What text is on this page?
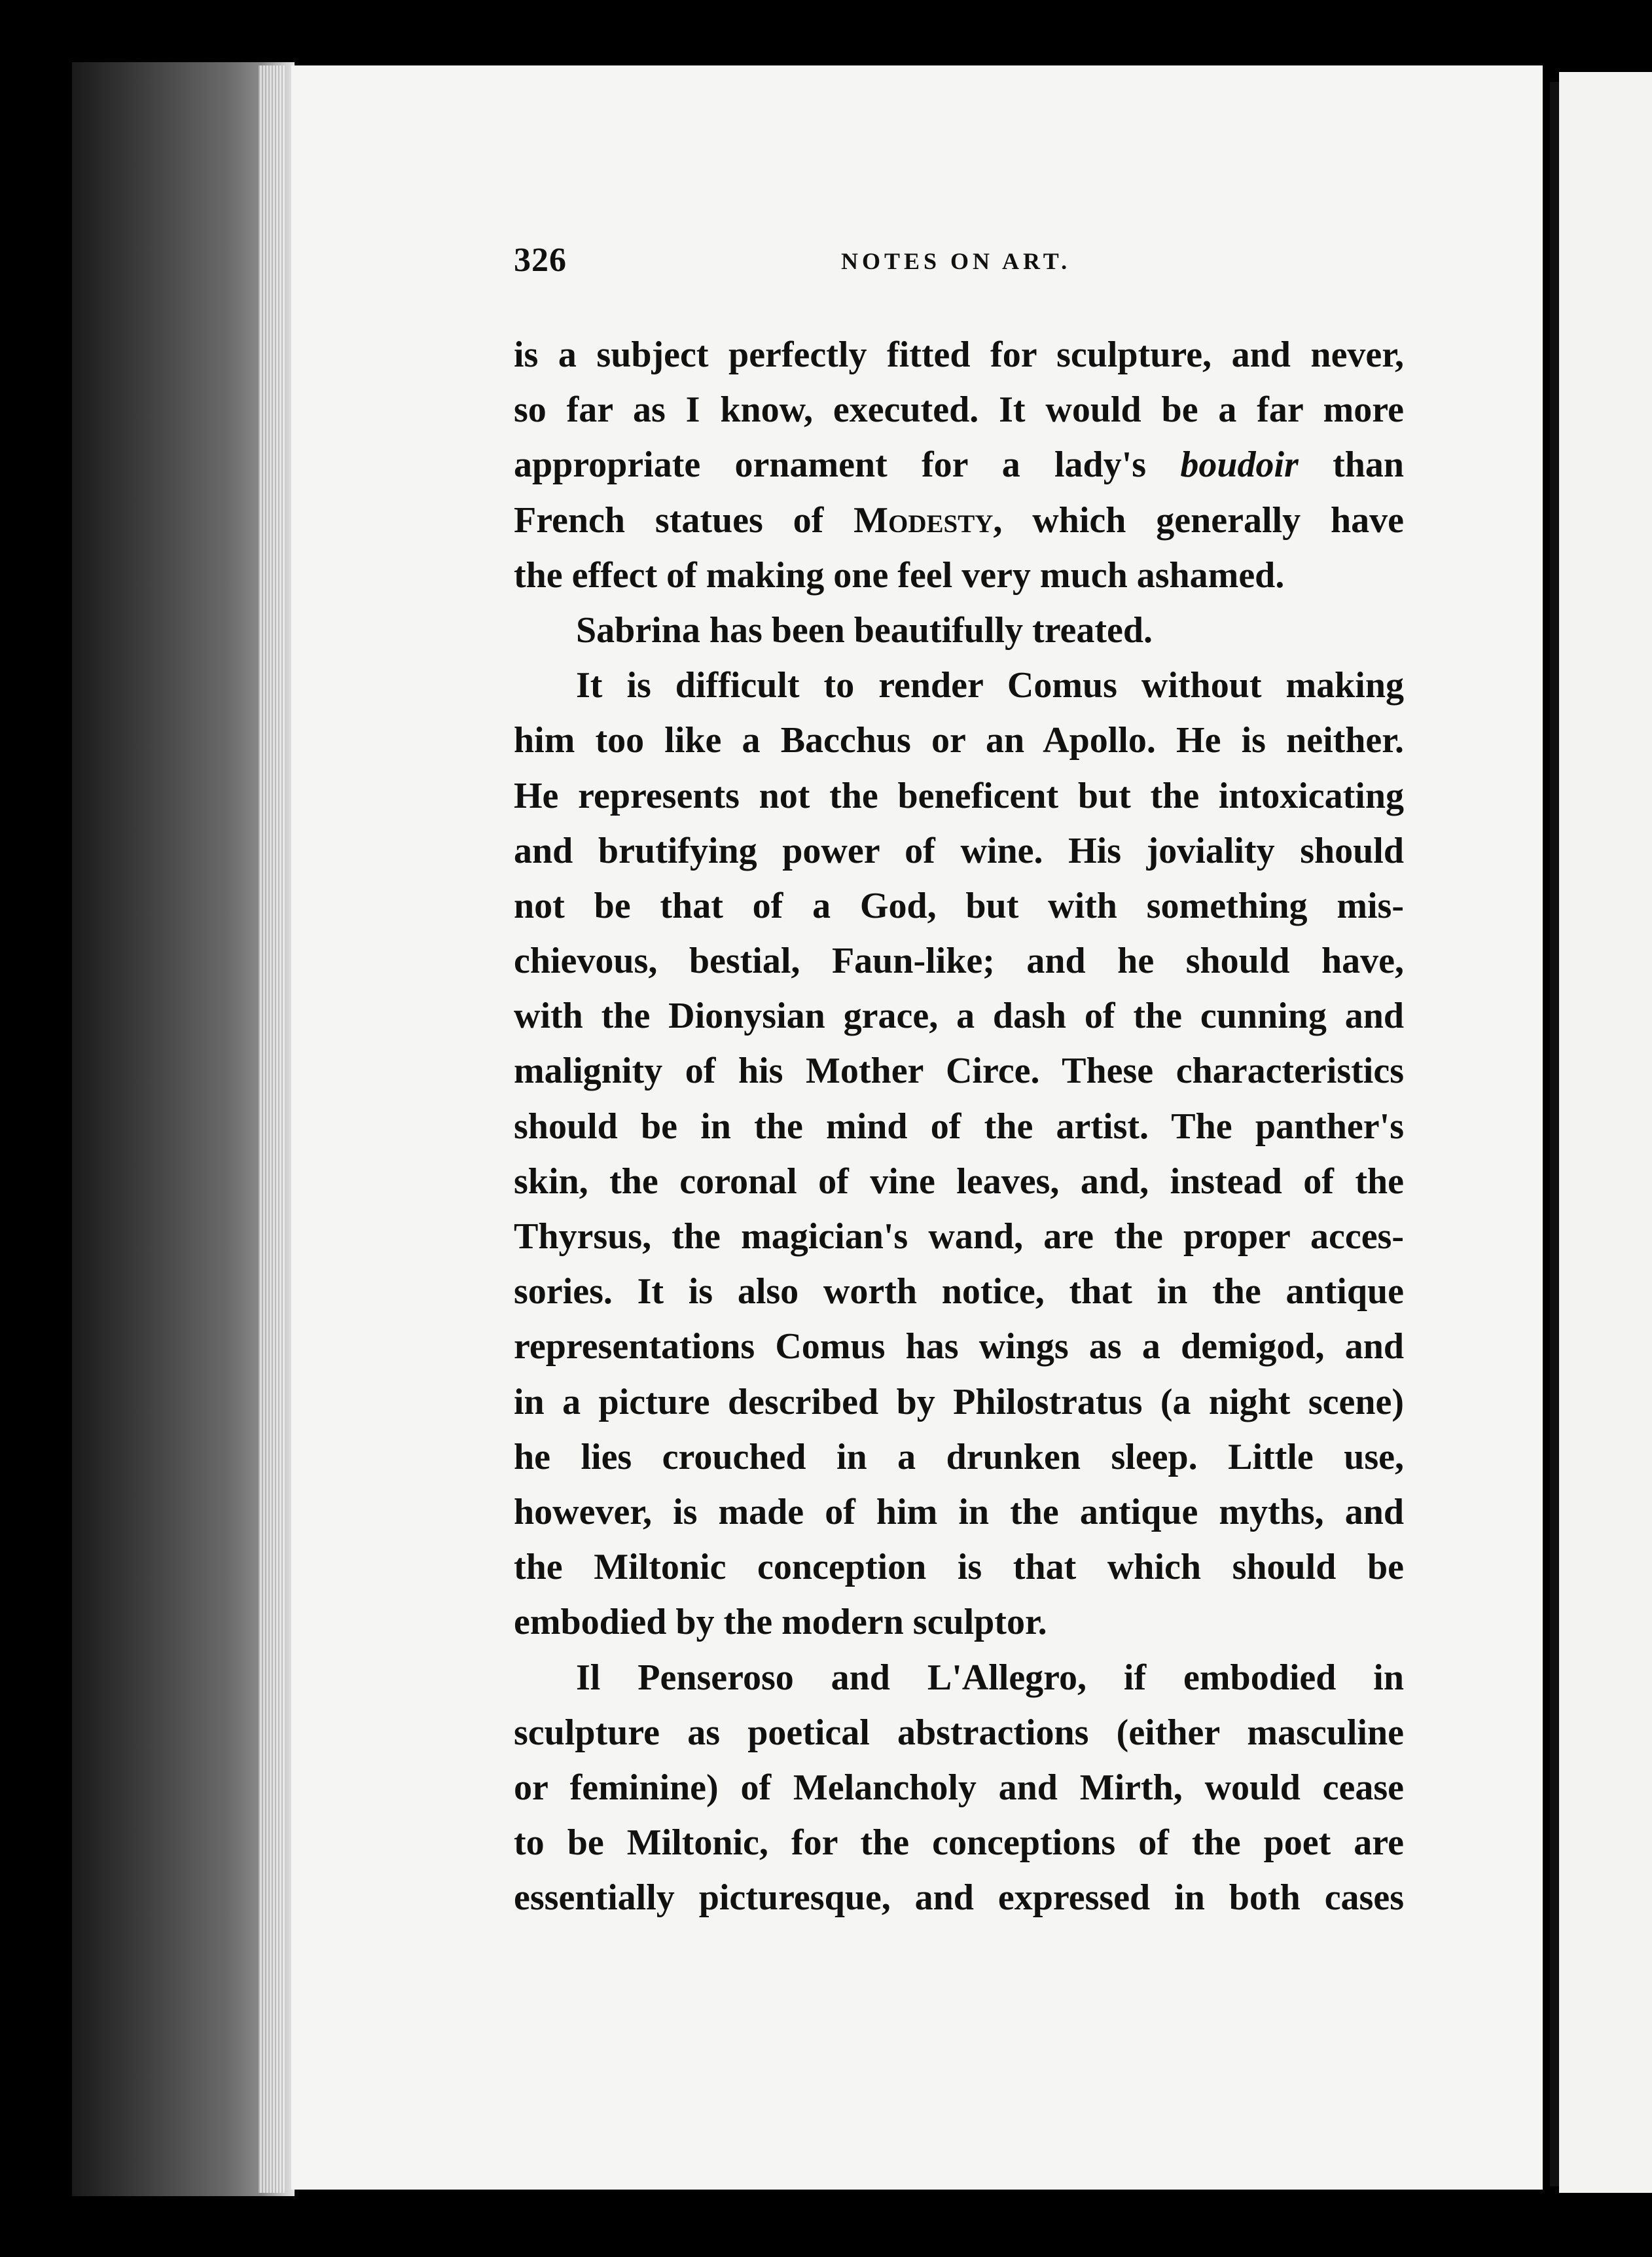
326	NOTES ON ART.
is a subject perfectly fitted for sculpture, and never,
so far as I know, executed. It would be a far more
appropriate ornament for a lady's boudoir than
French statues of Modesty, which generally have
the effect of making one feel very much ashamed.
Sabrina has been beautifully treated.
It is difficult to render Comus without making
him too like a Bacchus or an Apollo. He is neither.
He represents not the beneficent but the intoxicating
and brutifying power of wine. His joviality should
not be that of a God, but with something mis-
chievous, bestial, Faun-like; and he should have,
with the Dionysian grace, a dash of the cunning and
malignity of his Mother Circe. These characteristics
should be in the mind of the artist. The panther's
skin, the coronal of vine leaves, and, instead of the
Thyrsus, the magician's wand, are the proper acces-
sories. It is also worth notice, that in the antique
representations Comus has wings as a demigod, and
in a picture described by Philostratus (a night scene)
he lies crouched in a drunken sleep. Little use,
however, is made of him in the antique myths, and
the Miltonic conception is that which should be
embodied by the modern sculptor.
Il Penseroso and L'Allegro, if embodied in
sculpture as poetical abstractions (either masculine
or feminine) of Melancholy and Mirth, would cease
to be Miltonic, for the conceptions of the poet are
essentially picturesque, and expressed in both cases
